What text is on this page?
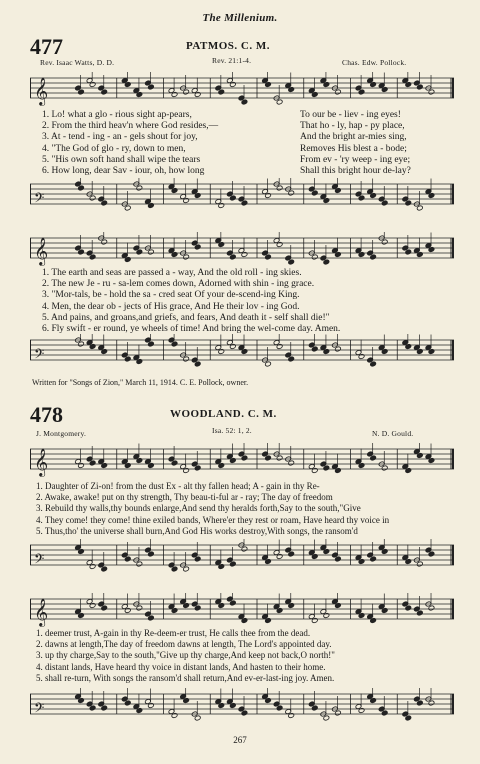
The Millenium.
477	PATMOS. C. M.
Rev. Isaac Watts, D. D.	Rev. 21:1-4.	Chas. Edw. Pollock.
𝄞
1. Lo! what a glo - rious sight ap-pears,
2. From the third heav'n where God resides,—
3. At - tend - ing - an - gels shout for joy,
4. "The God of glo - ry, down to men,
5. "His own soft hand shall wipe the tears
6. How long, dear Sav - iour, oh, how long
To our be - liev - ing eyes!
That ho - ly, hap - py place,
And the bright ar-mies sing,
Removes His blest a - bode;
From ev - 'ry weep - ing eye;
Shall this bright hour de-lay?
𝄢
𝄞
1. The earth and seas are passed a - way, And the old roll - ing skies.
2. The new Je - ru - sa-lem comes down, Adorned with shin - ing grace.
3. "Mor-tals, be - hold the sa - cred seat Of your de-scend-ing King.
4. Men, the dear ob - jects of His grace, And He their lov - ing God.
5. And pains, and groans,and griefs, and fears, And death it - self shall die!"
6. Fly swift - er round, ye wheels of time! And bring the wel-come day. Amen.
𝄢
Written for "Songs of Zion," March 11, 1914. C. E. Pollock, owner.
478	WOODLAND. C. M.
J. Montgomery.	Isa. 52: 1, 2.	N. D. Gould.
𝄞
1. Daughter of Zi-on! from the dust Ex - alt thy fallen head; A - gain in thy Re-
2. Awake, awake! put on thy strength, Thy beau-ti-ful ar - ray; The day of freedom
3. Rebuild thy walls,thy bounds enlarge,And send thy heralds forth,Say to the south,"Give
4. They come! they come! thine exiled bands, Where'er they rest or roam, Have heard thy voice in
5. Thus,tho' the universe shall burn,And God His works destroy,With songs, the ransom'd
𝄢
𝄞
1. deemer trust, A-gain in thy Re-deem-er trust, He calls thee from the dead.
2. dawns at length,The day of freedom dawns at length, The Lord's appointed day.
3. up thy charge,Say to the south,"Give up thy charge,And keep not back,O north!"
4. distant lands, Have heard thy voice in distant lands, And hasten to their home.
5. shall re-turn, With songs the ransom'd shall return,And ev-er-last-ing joy. Amen.
𝄢
267
